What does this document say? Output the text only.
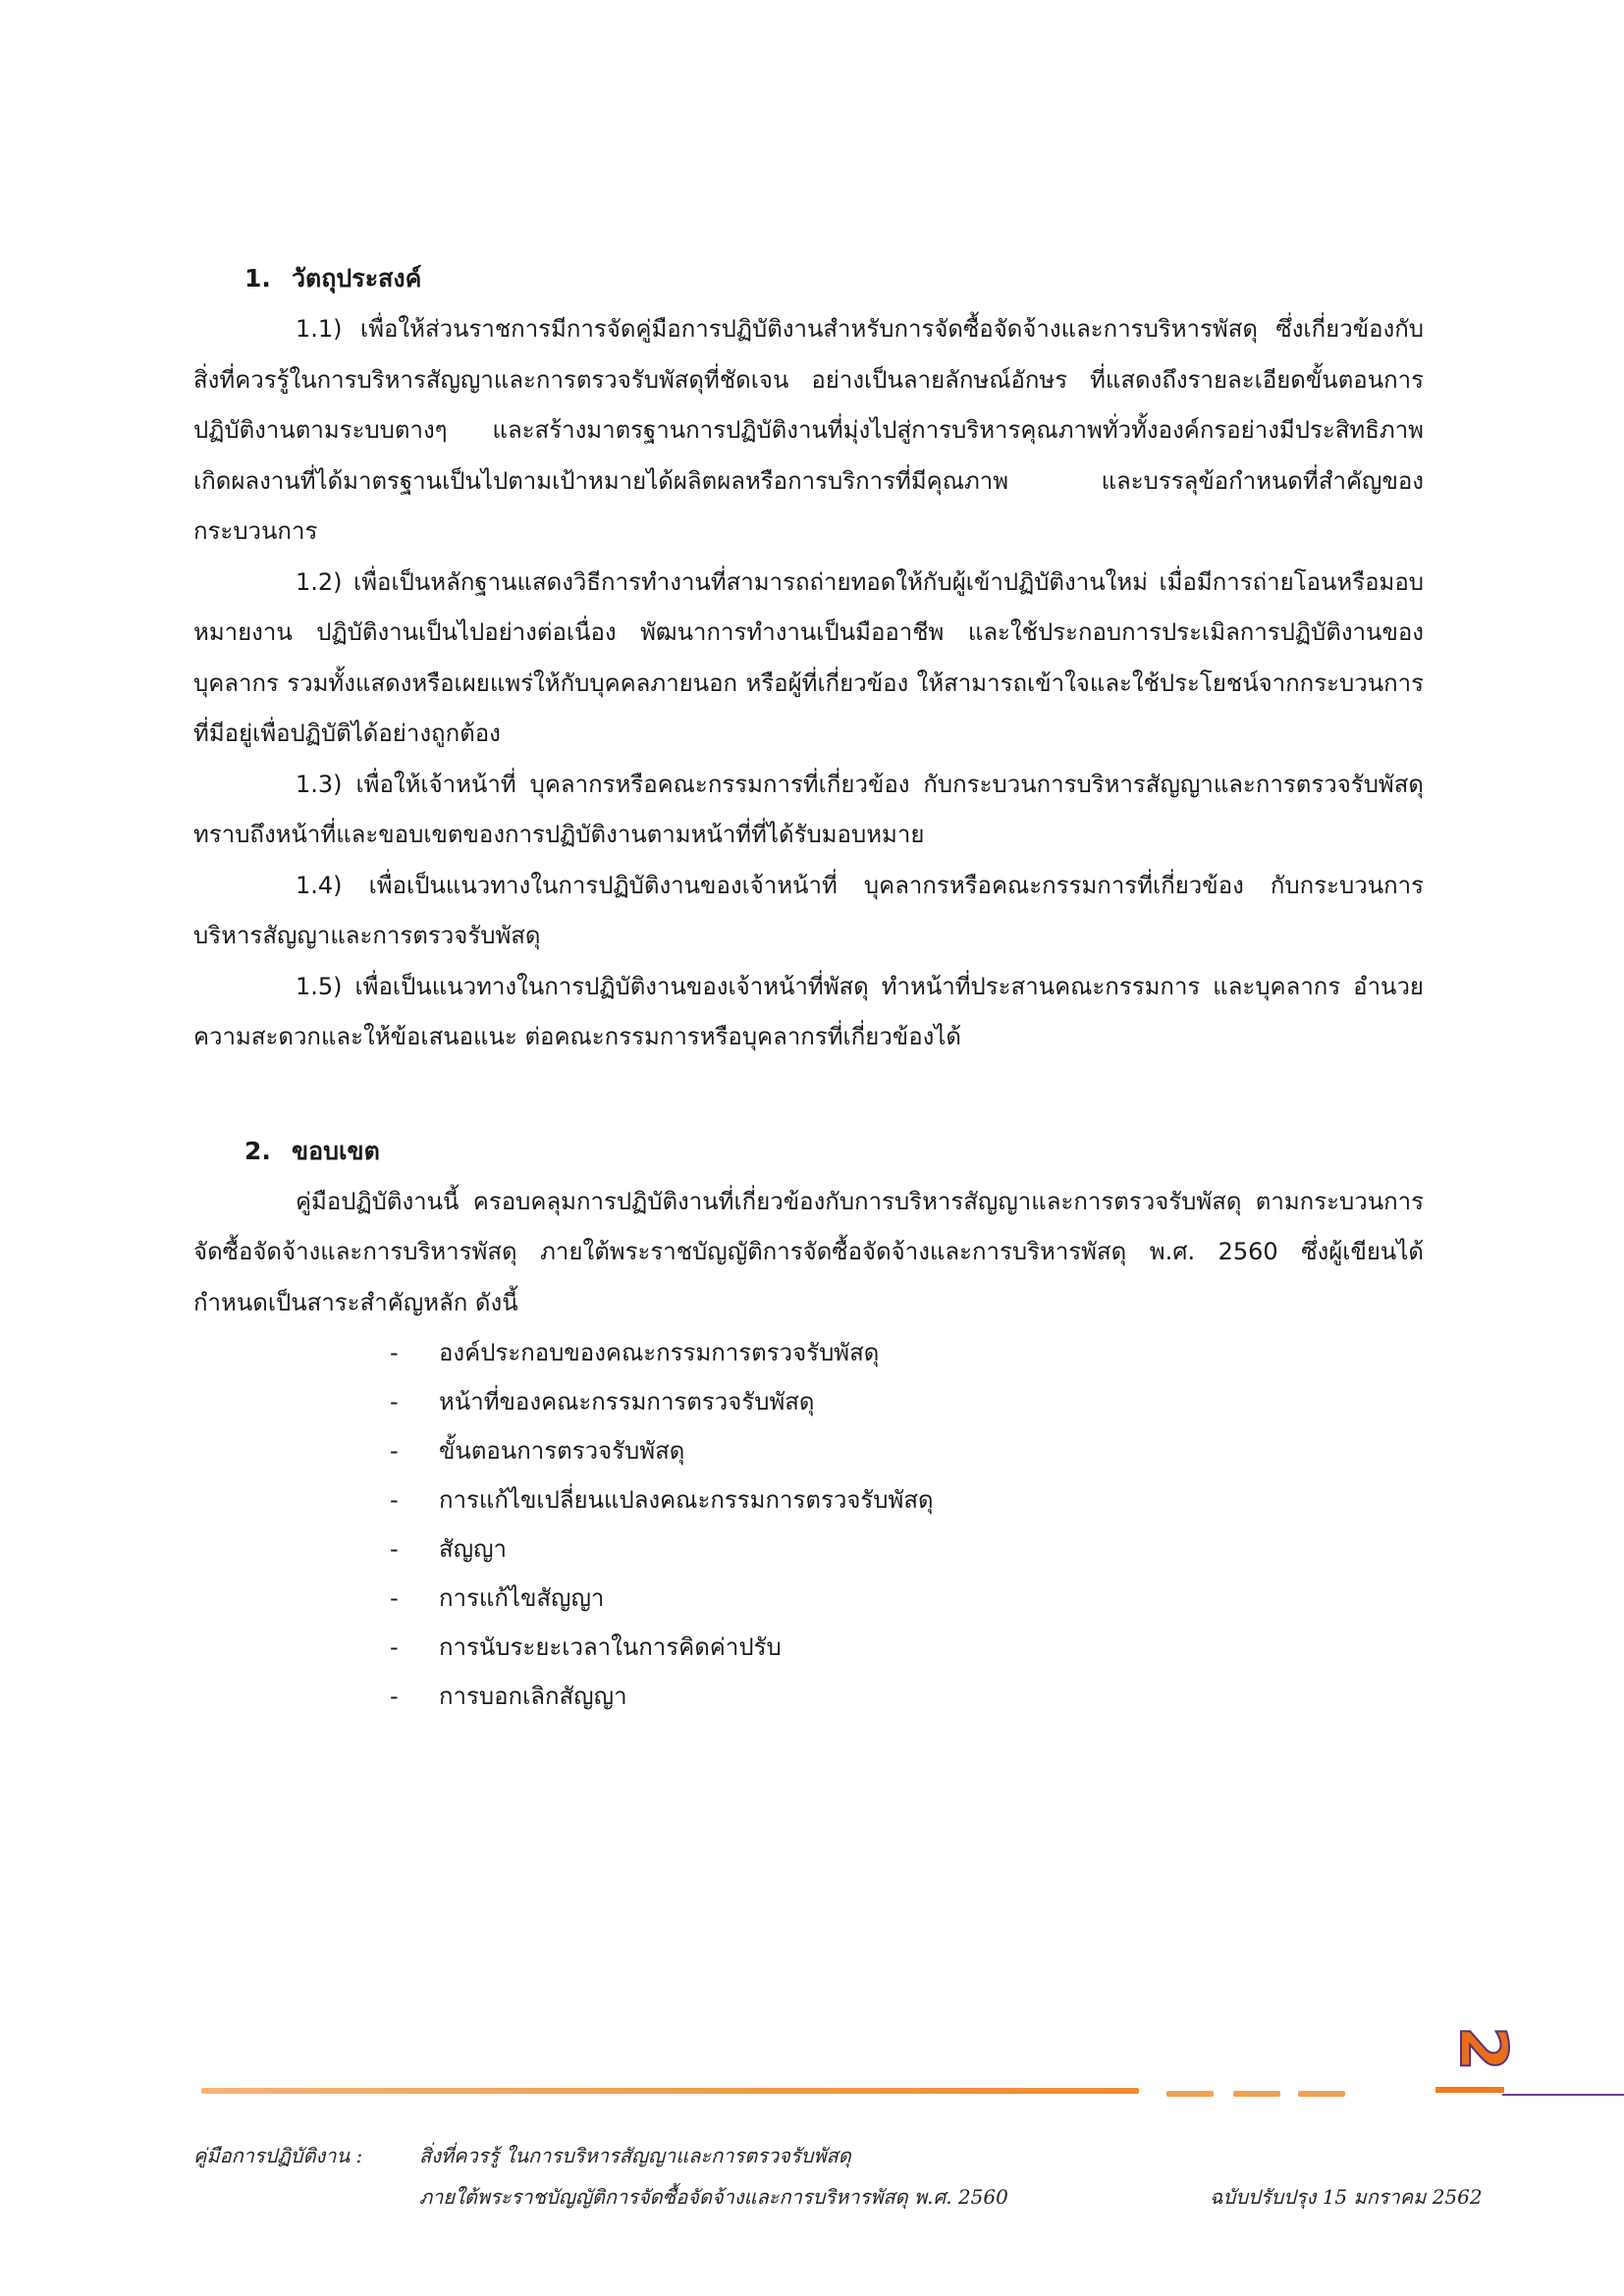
1. วัตถุประสงค์

1.1) เพื่อให้ส่วนราชการมีการจัดคู่มือการปฏิบัติงานสำหรับการจัดซื้อจัดจ้างและการบริหารพัสดุ ซึ่งเกี่ยวข้องกับสิ่งที่ควรรู้ในการบริหารสัญญาและการตรวจรับพัสดุที่ชัดเจน อย่างเป็นลายลักษณ์อักษร ที่แสดงถึงรายละเอียดขั้นตอนการปฏิบัติงานตามระบบตางๆ และสร้างมาตรฐานการปฏิบัติงานที่มุ่งไปสู่การบริหารคุณภาพทั่วทั้งองค์กรอย่างมีประสิทธิภาพ เกิดผลงานที่ได้มาตรฐานเป็นไปตามเป้าหมายได้ผลิตผลหรือการบริการที่มีคุณภาพ และบรรลุข้อกำหนดที่สำคัญของกระบวนการ

1.2) เพื่อเป็นหลักฐานแสดงวิธีการทำงานที่สามารถถ่ายทอดให้กับผู้เข้าปฏิบัติงานใหม่ เมื่อมีการถ่ายโอนหรือมอบหมายงาน ปฏิบัติงานเป็นไปอย่างต่อเนื่อง พัฒนาการทำงานเป็นมืออาชีพ และใช้ประกอบการประเมิลการปฏิบัติงานของบุคลากร รวมทั้งแสดงหรือเผยแพร่ให้กับบุคคลภายนอก หรือผู้ที่เกี่ยวข้อง ให้สามารถเข้าใจและใช้ประโยชน์จากกระบวนการที่มีอยู่เพื่อปฏิบัติได้อย่างถูกต้อง

1.3) เพื่อให้เจ้าหน้าที่ บุคลากรหรือคณะกรรมการที่เกี่ยวข้อง กับกระบวนการบริหารสัญญาและการตรวจรับพัสดุ ทราบถึงหน้าที่และขอบเขตของการปฏิบัติงานตามหน้าที่ที่ได้รับมอบหมาย

1.4) เพื่อเป็นแนวทางในการปฏิบัติงานของเจ้าหน้าที่ บุคลากรหรือคณะกรรมการที่เกี่ยวข้อง กับกระบวนการบริหารสัญญาและการตรวจรับพัสดุ

1.5) เพื่อเป็นแนวทางในการปฏิบัติงานของเจ้าหน้าที่พัสดุ ทำหน้าที่ประสานคณะกรรมการ และบุคลากร อำนวยความสะดวกและให้ข้อเสนอแนะ ต่อคณะกรรมการหรือบุคลากรที่เกี่ยวข้องได้

2. ขอบเขต

คู่มือปฏิบัติงานนี้ ครอบคลุมการปฏิบัติงานที่เกี่ยวข้องกับการบริหารสัญญาและการตรวจรับพัสดุ ตามกระบวนการจัดซื้อจัดจ้างและการบริหารพัสดุ ภายใต้พระราชบัญญัติการจัดซื้อจัดจ้างและการบริหารพัสดุ พ.ศ. 2560 ซึ่งผู้เขียนได้กำหนดเป็นสาระสำคัญหลัก ดังนี้

- องค์ประกอบของคณะกรรมการตรวจรับพัสดุ
- หน้าที่ของคณะกรรมการตรวจรับพัสดุ
- ขั้นตอนการตรวจรับพัสดุ
- การแก้ไขเปลี่ยนแปลงคณะกรรมการตรวจรับพัสดุ
- สัญญา
- การแก้ไขสัญญา
- การนับระยะเวลาในการคิดค่าปรับ
- การบอกเลิกสัญญา
2
คู่มือการปฏิบัติงาน :	สิ่งที่ควรรู้ ในการบริหารสัญญาและการตรวจรับพัสดุ
ภายใต้พระราชบัญญัติการจัดซื้อจัดจ้างและการบริหารพัสดุ พ.ศ. 2560	ฉบับปรับปรุง 15 มกราคม 2562
